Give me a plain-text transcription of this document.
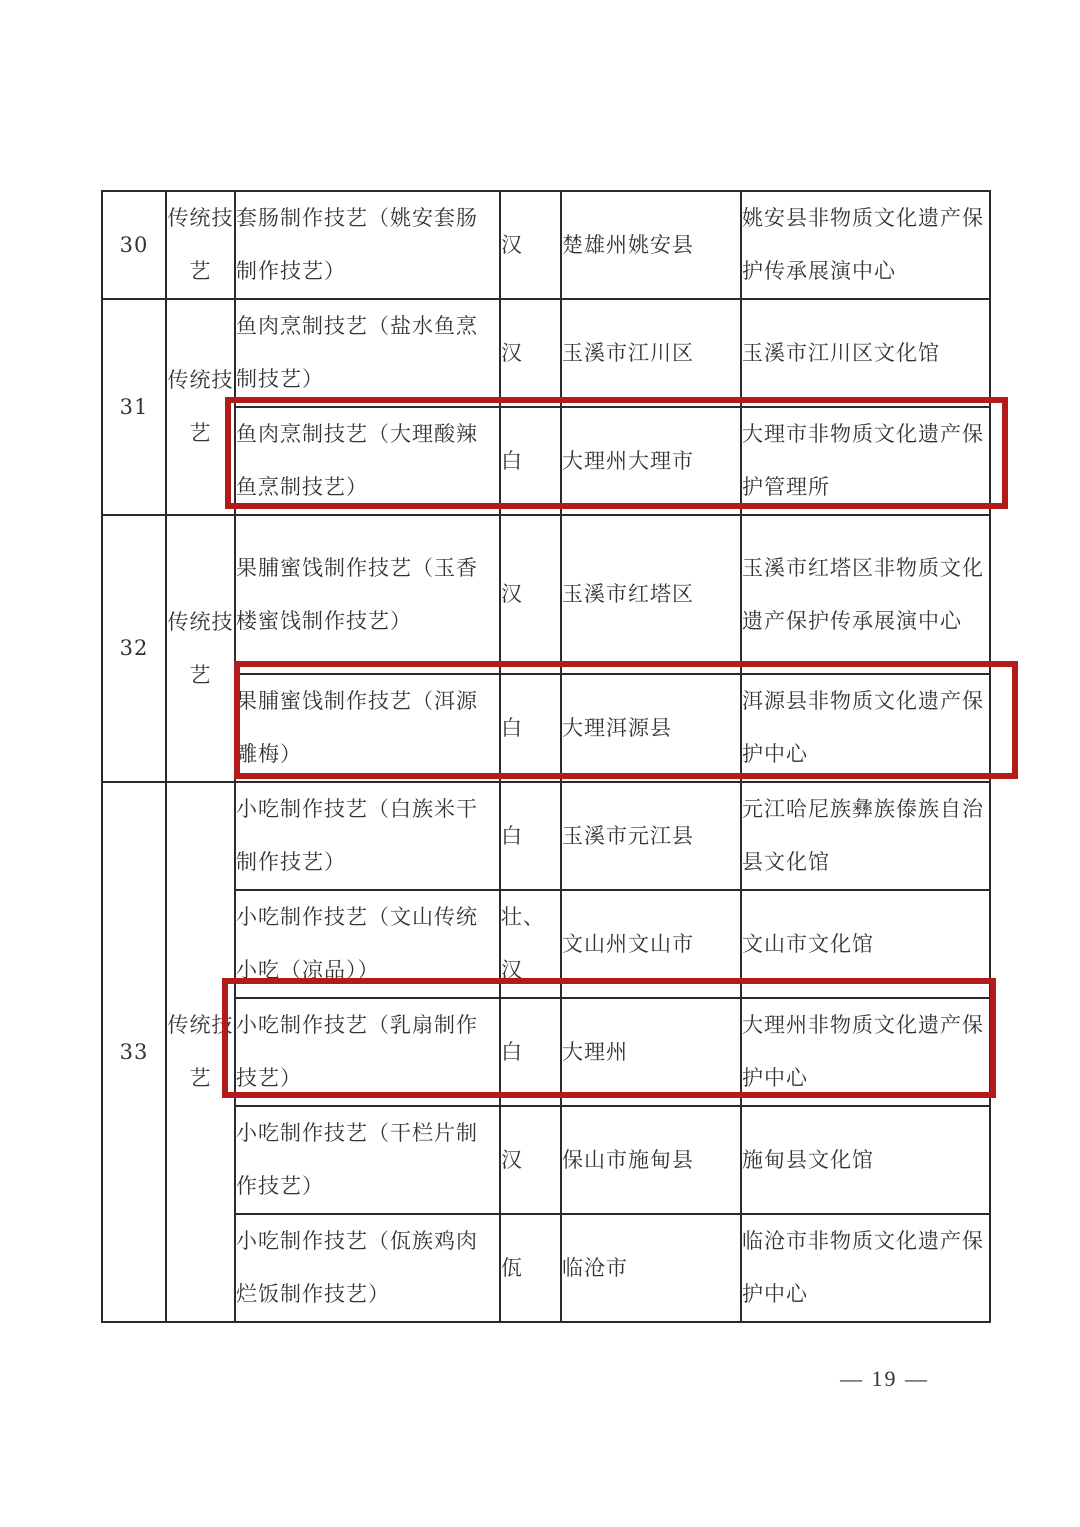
30	传统技艺	套肠制作技艺（姚安套肠制作技艺）	汉	楚雄州姚安县	姚安县非物质文化遗产保护传承展演中心
31	传统技艺	鱼肉烹制技艺（盐水鱼烹制技艺）	汉	玉溪市江川区	玉溪市江川区文化馆
		鱼肉烹制技艺（大理酸辣鱼烹制技艺）	白	大理州大理市	大理市非物质文化遗产保护管理所
32	传统技艺	果脯蜜饯制作技艺（玉香楼蜜饯制作技艺）	汉	玉溪市红塔区	玉溪市红塔区非物质文化遗产保护传承展演中心
		果脯蜜饯制作技艺（洱源雕梅）	白	大理洱源县	洱源县非物质文化遗产保护中心
33	传统技艺	小吃制作技艺（白族米干制作技艺）	白	玉溪市元江县	元江哈尼族彝族傣族自治县文化馆
		小吃制作技艺（文山传统小吃（凉品））	壮、汉	文山州文山市	文山市文化馆
		小吃制作技艺（乳扇制作技艺）	白	大理州	大理州非物质文化遗产保护中心
		小吃制作技艺（干栏片制作技艺）	汉	保山市施甸县	施甸县文化馆
		小吃制作技艺（佤族鸡肉烂饭制作技艺）	佤	临沧市	临沧市非物质文化遗产保护中心
— 19 —
